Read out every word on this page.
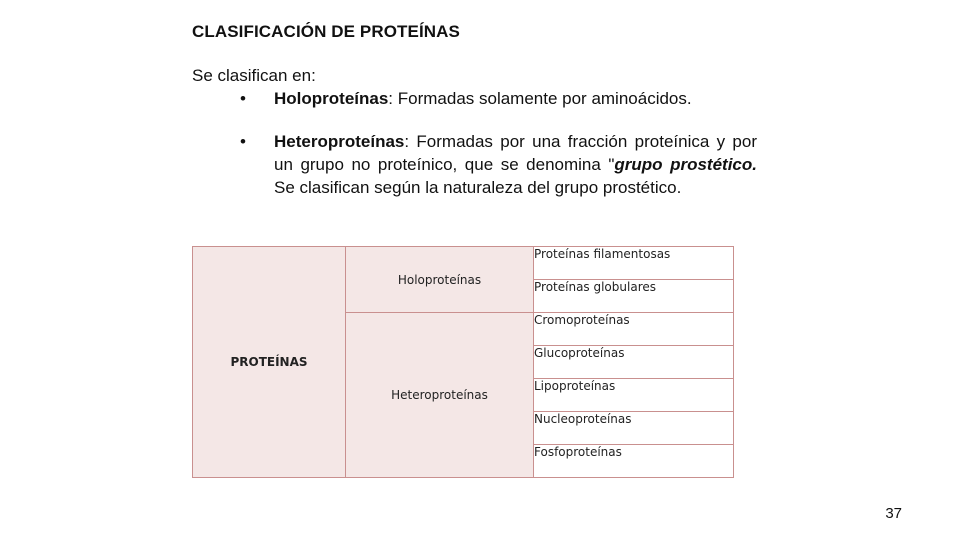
CLASIFICACIÓN DE PROTEÍNAS
Se clasifican en:
• Holoproteínas: Formadas solamente por aminoácidos.
• Heteroproteínas: Formadas por una fracción proteínica y por un grupo no proteínico, que se denomina "grupo prostético. Se clasifican según la naturaleza del grupo prostético.
PROTEÍNAS	Holoproteínas	Proteínas filamentosas
		Proteínas globulares
	Heteroproteínas	Cromoproteínas
		Glucoproteínas
		Lipoproteínas
		Nucleoproteínas
		Fosfoproteínas
37
